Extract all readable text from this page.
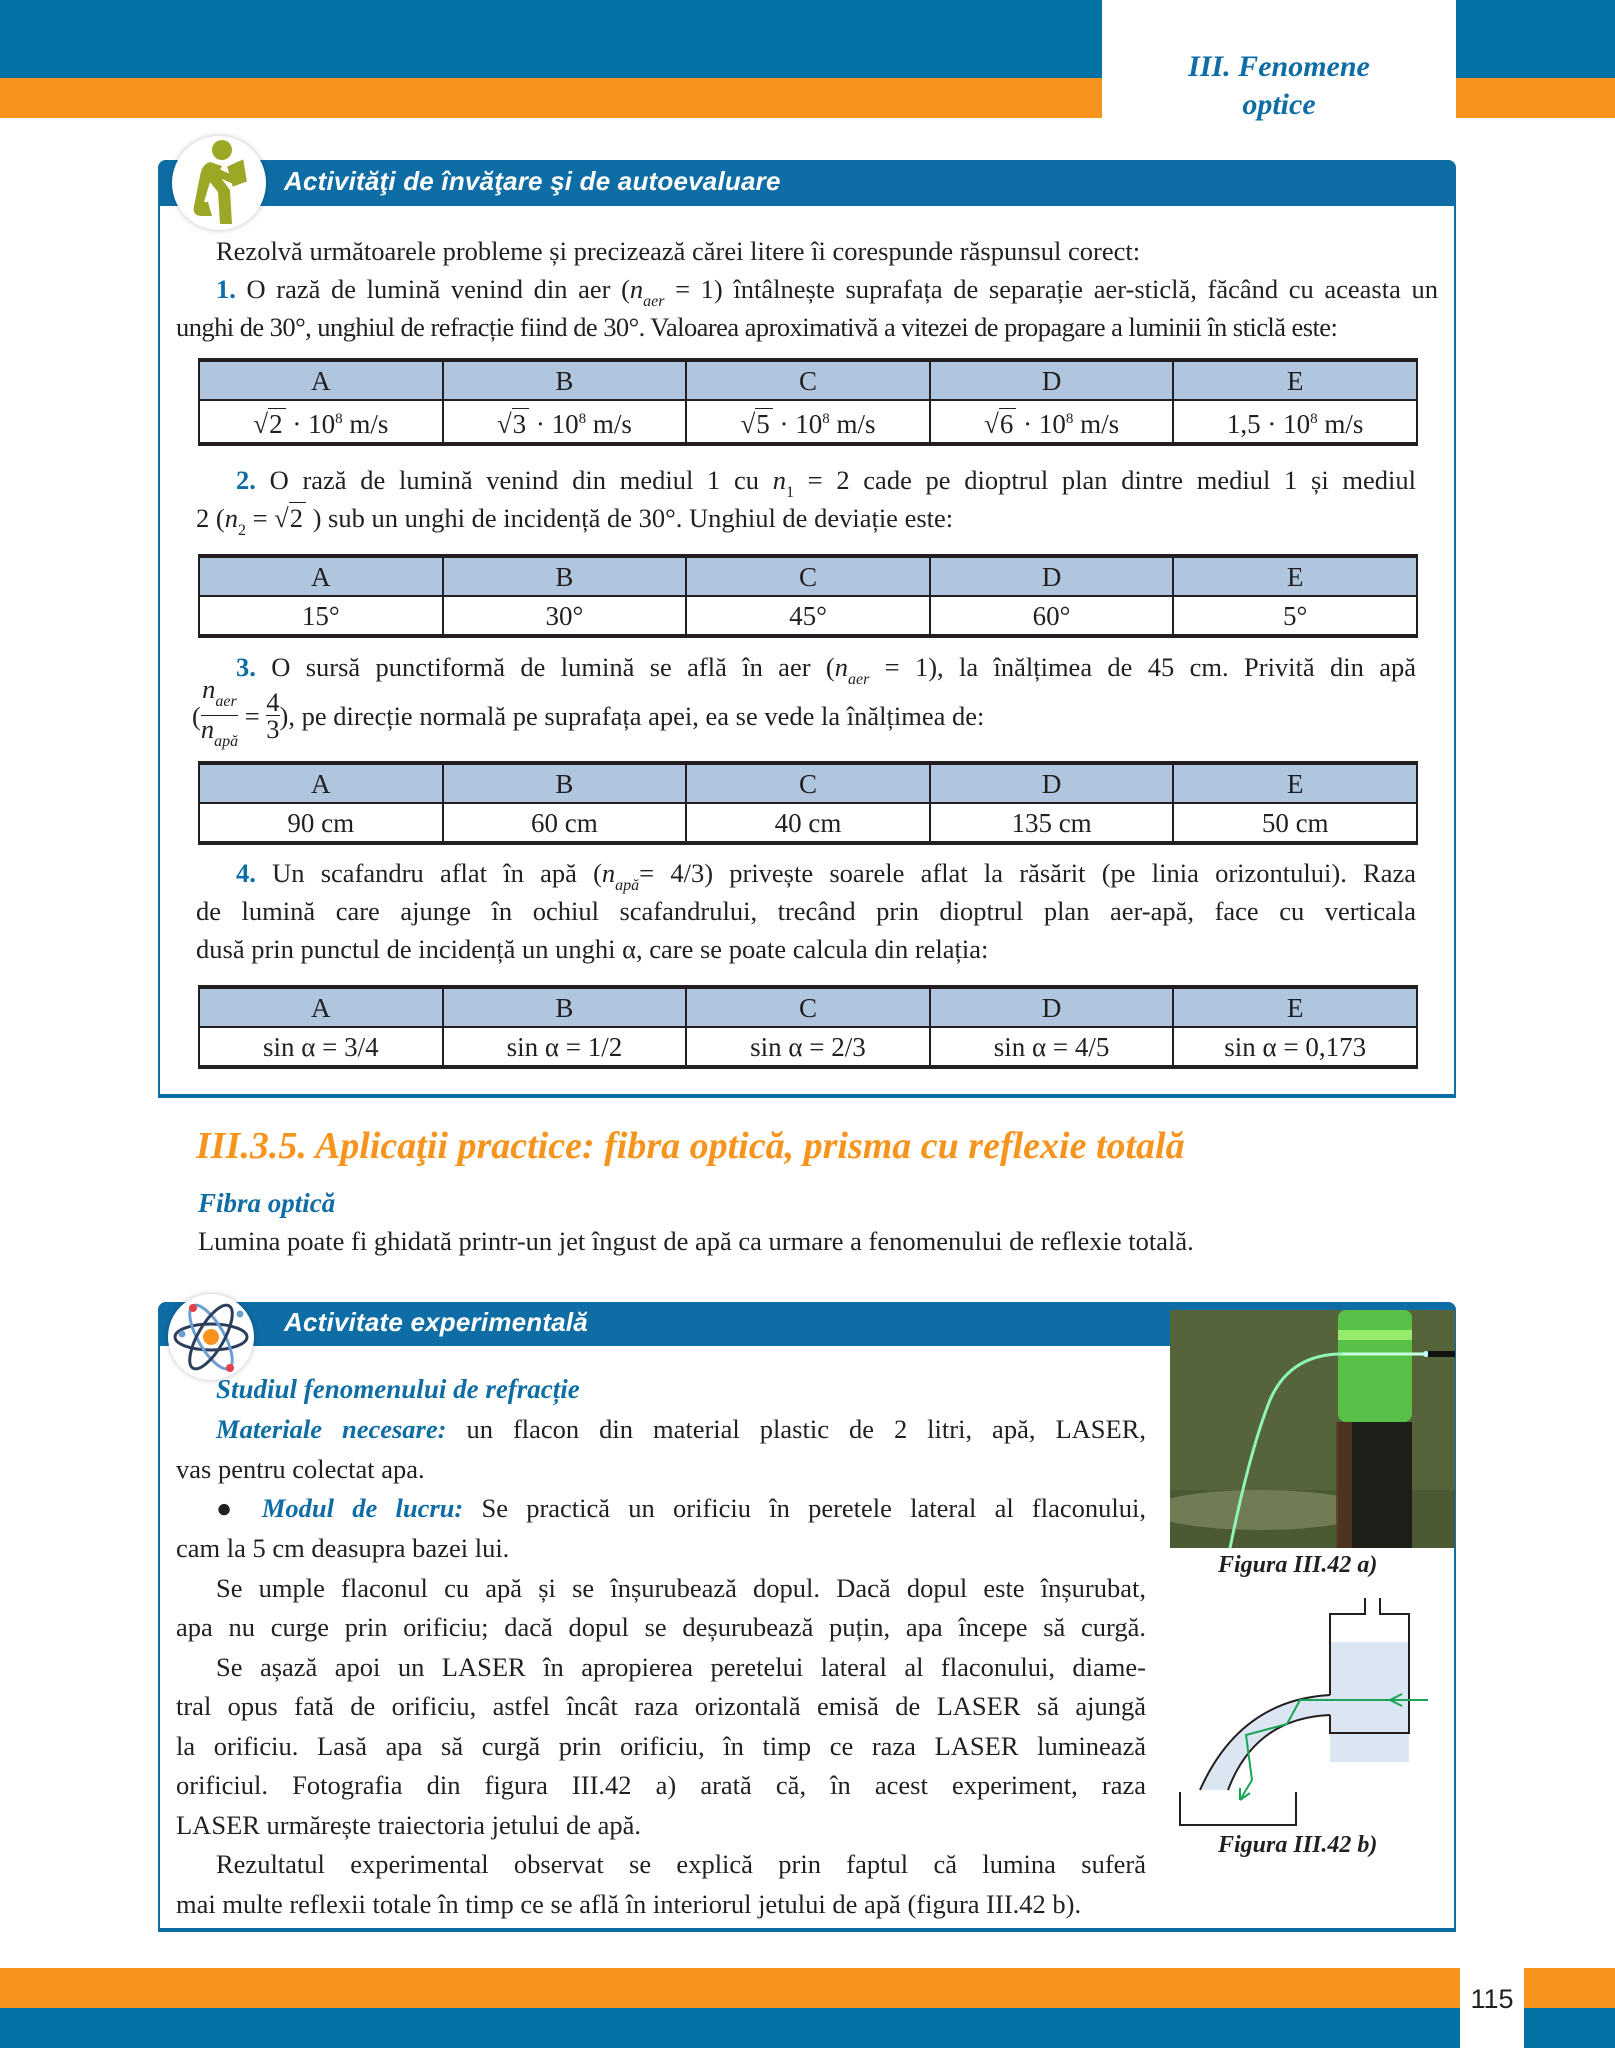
III. Fenomene
optice
Activităţi de învăţare şi de autoevaluare
Rezolvă următoarele probleme și precizează cărei litere îi corespunde răspunsul corect:
1. O rază de lumină venind din aer $(n_{aer} = 1)$ întâlnește suprafața de separație aer-sticlă, făcând cu aceasta un
unghi de 30°, unghiul de refracție fiind de 30°. Valoarea aproximativă a vitezei de propagare a luminii în sticlă este:
A	B	C	D	E
$√2 \cdot 10^8$ m/s	$√3 \cdot 10^8$ m/s	$√5 \cdot 10^8$ m/s	$√6 \cdot 10^8$ m/s	$1,5 \cdot 10^8$ m/s
2. O rază de lumină venind din mediul 1 cu $n_1 = 2$ cade pe dioptrul plan dintre mediul 1 și mediul
2 ($n_2 = √2$ ) sub un unghi de incidență de 30°. Unghiul de deviație este:
A	B	C	D	E
15°	30°	45°	60°	5°
3. O sursă punctiformă de lumină se află în aer $(n_{aer} = 1)$, la înălțimea de 45 cm. Privită din apă
( $\frac{n_{aer}}{n_{apă}} = \frac{4}{3}$ ), pe direcție normală pe suprafața apei, ea se vede la înălțimea de:
A	B	C	D	E
90 cm	60 cm	40 cm	135 cm	50 cm
4. Un scafandru aflat în apă $(n_{apă}= 4/3)$ privește soarele aflat la răsărit (pe linia orizontului). Raza
de lumină care ajunge în ochiul scafandrului, trecând prin dioptrul plan aer-apă, face cu verticala
dusă prin punctul de incidență un unghi α, care se poate calcula din relația:
A	B	C	D	E
sin α = 3/4	sin α = 1/2	sin α = 2/3	sin α = 4/5	sin α = 0,173
III.3.5. Aplicaţii practice: fibra optică, prisma cu reflexie totală
Fibra optică
Lumina poate fi ghidată printr-un jet îngust de apă ca urmare a fenomenului de reflexie totală.
Activitate experimentală
Studiul fenomenului de refracție
Materiale necesare: un flacon din material plastic de 2 litri, apă, LASER,
vas pentru colectat apa.
● Modul de lucru: Se practică un orificiu în peretele lateral al flaconului,
cam la 5 cm deasupra bazei lui.
Se umple flaconul cu apă și se înșurubează dopul. Dacă dopul este înșurubat,
apa nu curge prin orificiu; dacă dopul se deșurubează puțin, apa începe să curgă.
Se așază apoi un LASER în apropierea peretelui lateral al flaconului, diame-
tral opus fată de orificiu, astfel încât raza orizontală emisă de LASER să ajungă
la orificiu. Lasă apa să curgă prin orificiu, în timp ce raza LASER luminează
orificiul. Fotografia din figura III.42 a) arată că, în acest experiment, raza
LASER urmărește traiectoria jetului de apă.
Rezultatul experimental observat se explică prin faptul că lumina suferă
mai multe reflexii totale în timp ce se află în interiorul jetului de apă (figura III.42 b).
Figura III.42 a)
Figura III.42 b)
115
